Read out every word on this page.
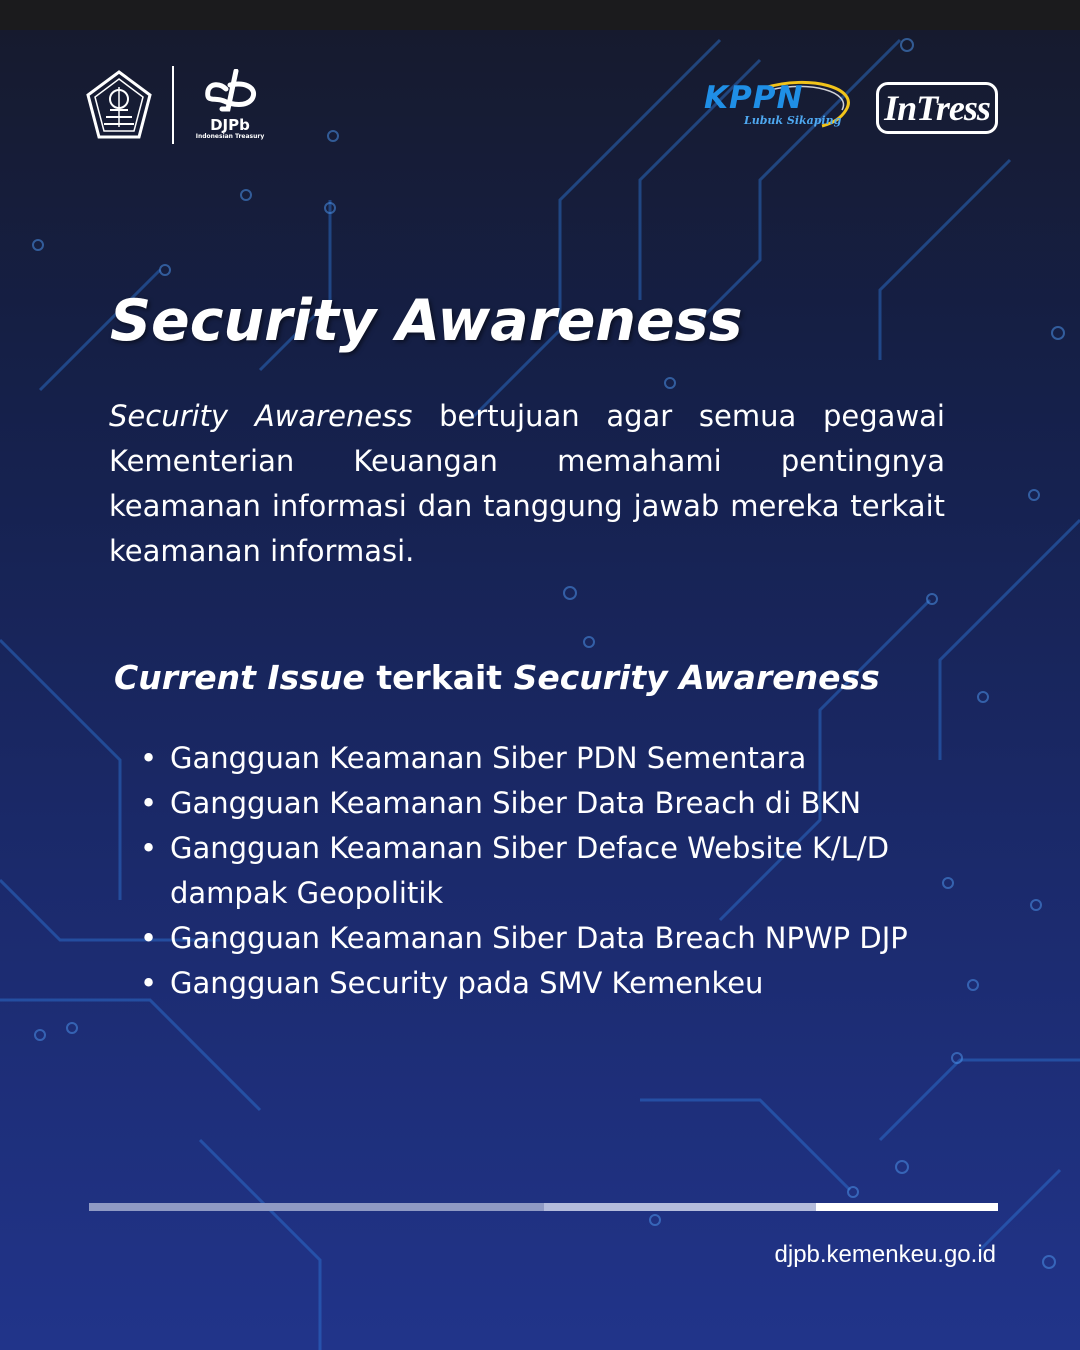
DJPb
Indonesian Treasury
KPPN
Lubuk Sikaping InTress
Security Awareness

Security Awareness bertujuan agar semua pegawai Kementerian Keuangan memahami pentingnya keamanan informasi dan tanggung jawab mereka terkait keamanan informasi.

Current Issue terkait Security Awareness
• Gangguan Keamanan Siber PDN Sementara
• Gangguan Keamanan Siber Data Breach di BKN
• Gangguan Keamanan Siber Deface Website K/L/D dampak Geopolitik
• Gangguan Keamanan Siber Data Breach NPWP DJP
• Gangguan Security pada SMV Kemenkeu
djpb.kemenkeu.go.id
